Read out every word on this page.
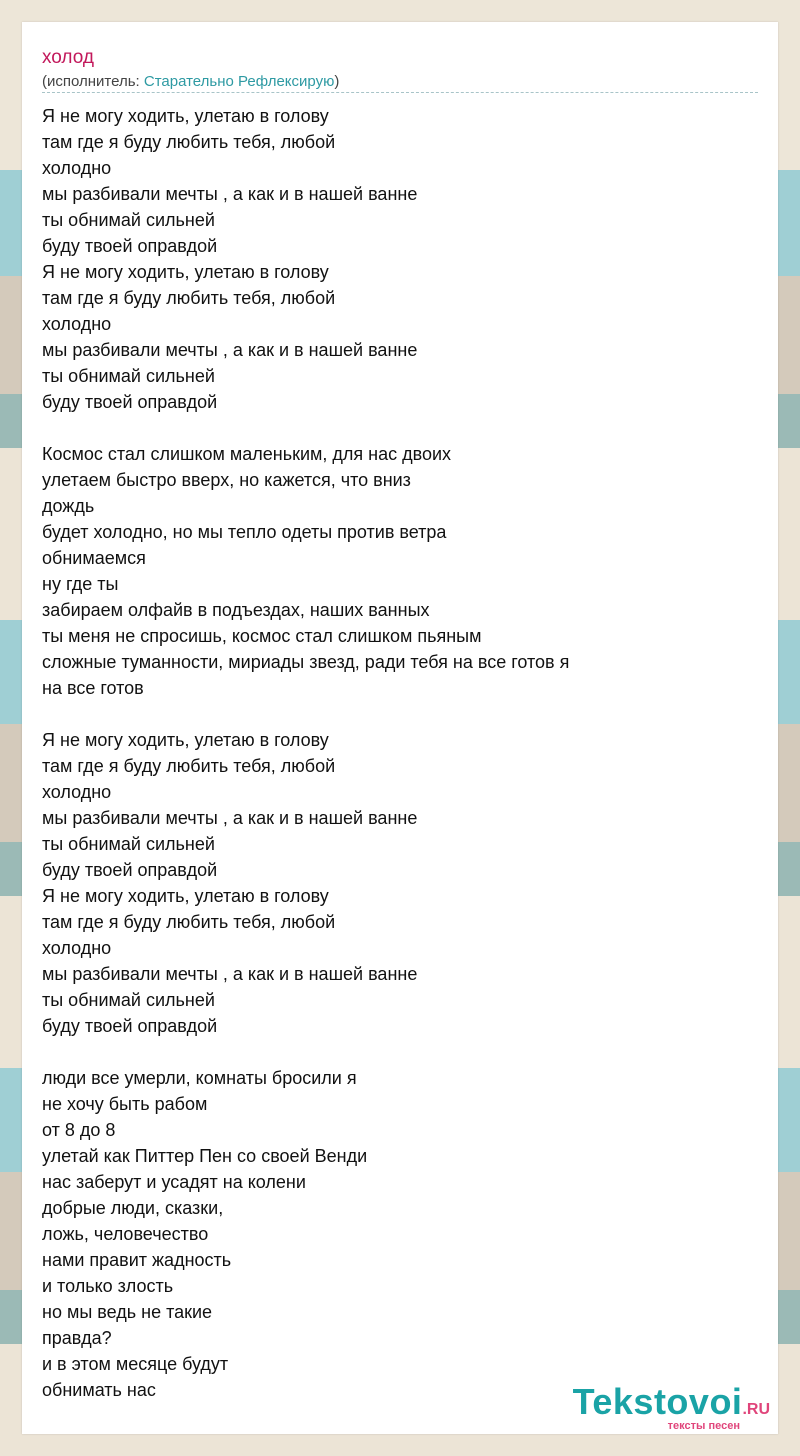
холод
(исполнитель: Старательно Рефлексирую)
Я не могу ходить, улетаю в голову
там где я буду любить тебя, любой
холодно
мы разбивали мечты , а как и в нашей ванне
ты обнимай сильней
буду твоей оправдой
Я не могу ходить, улетаю в голову
там где я буду любить тебя, любой
холодно
мы разбивали мечты , а как и в нашей ванне
ты обнимай сильней
буду твоей оправдой
Космос стал слишком маленьким, для нас двоих
улетаем быстро вверх, но кажется, что вниз
дождь
будет холодно, но мы тепло одеты против ветра
обнимаемся
ну где ты
забираем олфайв в подъездах, наших ванных
ты меня не спросишь, космос стал слишком пьяным
сложные туманности, мириады звезд, ради тебя на все готов я
на все готов
Я не могу ходить, улетаю в голову
там где я буду любить тебя, любой
холодно
мы разбивали мечты , а как и в нашей ванне
ты обнимай сильней
буду твоей оправдой
Я не могу ходить, улетаю в голову
там где я буду любить тебя, любой
холодно
мы разбивали мечты , а как и в нашей ванне
ты обнимай сильней
буду твоей оправдой
люди все умерли, комнаты бросили я
не хочу быть рабом
от 8 до 8
улетай как Питтер Пен со своей Венди
нас заберут и усадят на колени
добрые люди, сказки,
ложь, человечество
нами правит жадность
и только злость
но мы ведь не такие
правда?
и в этом месяце будут
обнимать нас	Tekstovoi.RU
тексты песен
